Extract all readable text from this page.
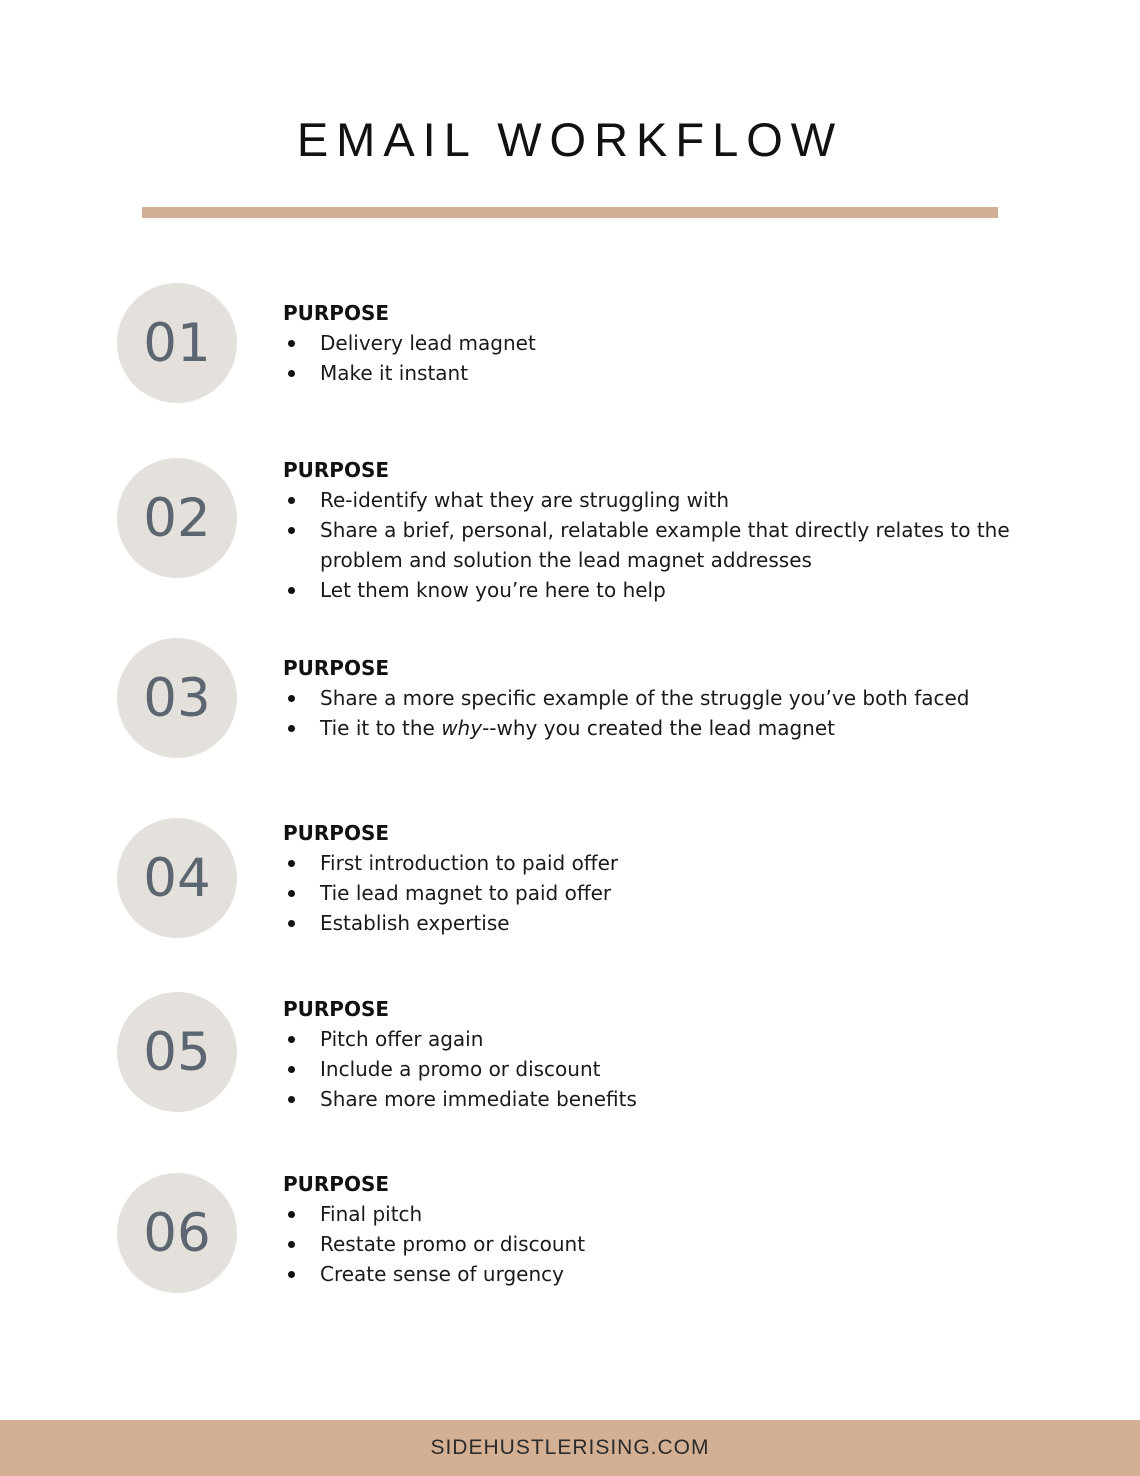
EMAIL WORKFLOW
01	PURPOSE
Delivery lead magnet
Make it instant
02
PURPOSE
Re-identify what they are struggling with
Share a brief, personal, relatable example that directly relates to the problem and solution the lead magnet addresses
Let them know you’re here to help
03	PURPOSE
Share a more specific example of the struggle you’ve both faced
Tie it to the why--why you created the lead magnet
04
PURPOSE
First introduction to paid offer
Tie lead magnet to paid offer
Establish expertise
05
PURPOSE
Pitch offer again
Include a promo or discount
Share more immediate benefits
06
PURPOSE
Final pitch
Restate promo or discount
Create sense of urgency
SIDEHUSTLERISING.COM
